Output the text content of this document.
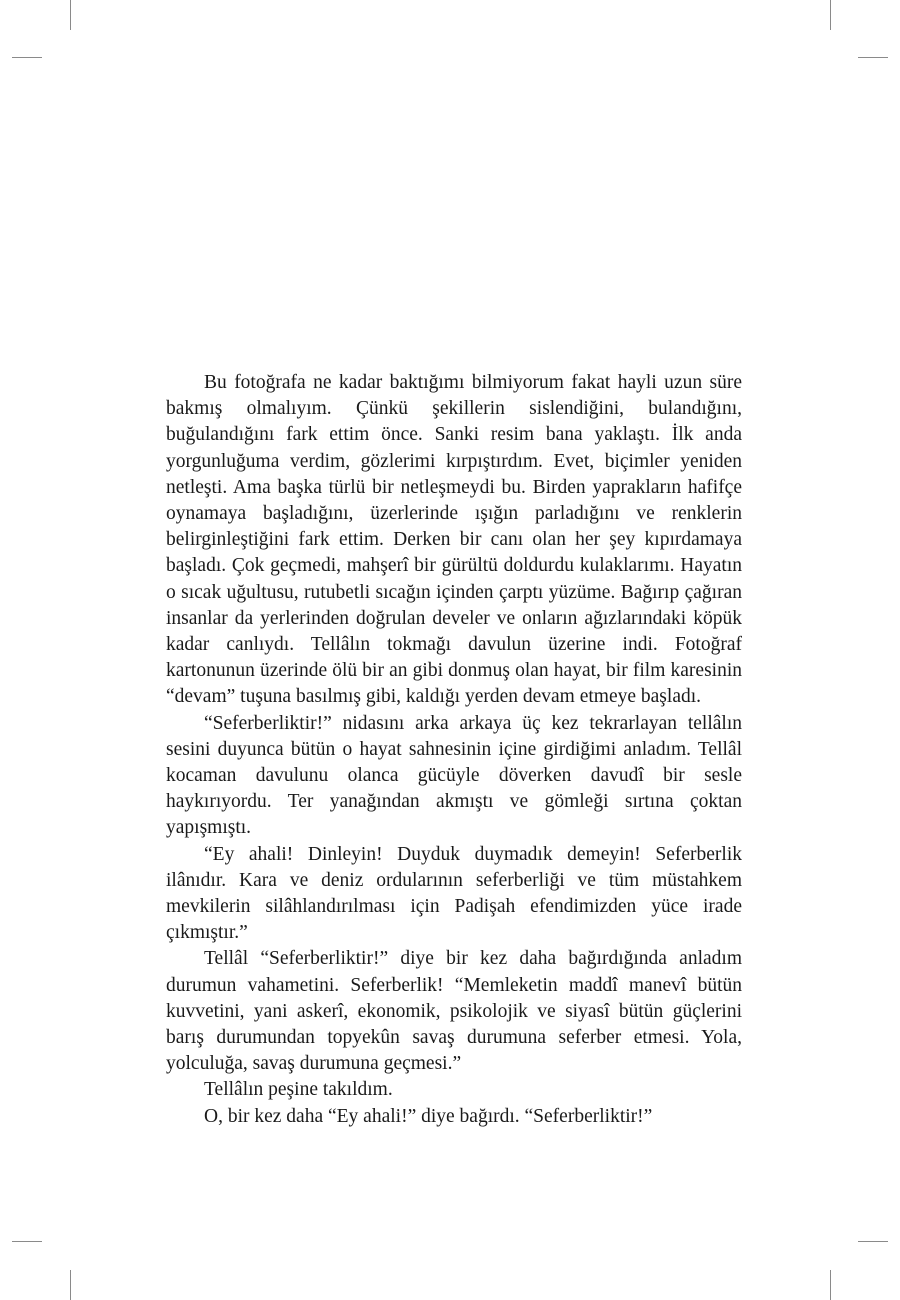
Bu fotoğrafa ne kadar baktığımı bilmiyorum fakat hayli uzun süre bakmış olmalıyım. Çünkü şekillerin sislendiğini, bulandığını, buğulandığını fark ettim önce. Sanki resim bana yaklaştı. İlk anda yorgunluğuma verdim, gözlerimi kırpıştırdım. Evet, biçimler yeniden netleşti. Ama başka türlü bir netleşmeydi bu. Birden yaprakların hafifçe oynamaya başladığını, üzerlerinde ışığın parladığını ve renklerin belirginleştiğini fark ettim. Derken bir canı olan her şey kıpırdamaya başladı. Çok geçmedi, mahşerî bir gürültü doldurdu kulaklarımı. Hayatın o sıcak uğultusu, rutubetli sıcağın içinden çarptı yüzüme. Bağırıp çağıran insanlar da yerlerinden doğrulan develer ve onların ağızlarındaki köpük kadar canlıydı. Tellâlın tokmağı davulun üzerine indi. Fotoğraf kartonunun üzerinde ölü bir an gibi donmuş olan hayat, bir film karesinin “devam” tuşuna basılmış gibi, kaldığı yerden devam etmeye başladı.

“Seferberliktir!” nidasını arka arkaya üç kez tekrarlayan tellâlın sesini duyunca bütün o hayat sahnesinin içine girdiğimi anladım. Tellâl kocaman davulunu olanca gücüyle döverken davudî bir sesle haykırıyordu. Ter yanağından akmıştı ve gömleği sırtına çoktan yapışmıştı.

“Ey ahali! Dinleyin! Duyduk duymadık demeyin! Seferberlik ilânıdır. Kara ve deniz ordularının seferberliği ve tüm müstahkem mevkilerin silâhlandırılması için Padişah efendimizden yüce irade çıkmıştır.”

Tellâl “Seferberliktir!” diye bir kez daha bağırdığında anladım durumun vahametini. Seferberlik! “Memleketin maddî manevî bütün kuvvetini, yani askerî, ekonomik, psikolojik ve siyasî bütün güçlerini barış durumundan topyekûn savaş durumuna seferber etmesi. Yola, yolculuğa, savaş durumuna geçmesi.”

Tellâlın peşine takıldım.

O, bir kez daha “Ey ahali!” diye bağırdı. “Seferberliktir!”
